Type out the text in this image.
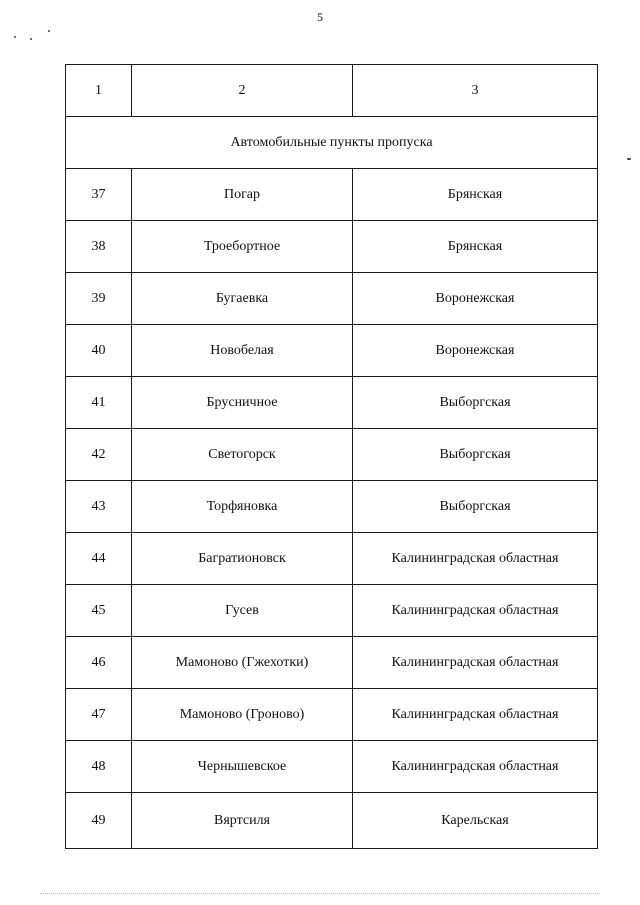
5
1	2	3
Автомобильные пункты пропуска		
37	Погар	Брянская
38	Троебортное	Брянская
39	Бугаевка	Воронежская
40	Новобелая	Воронежская
41	Брусничное	Выборгская
42	Светогорск	Выборгская
43	Торфяновка	Выборгская
44	Багратионовск	Калининградская областная
45	Гусев	Калининградская областная
46	Мамоново (Гжехотки)	Калининградская областная
47	Мамоново (Гроново)	Калининградская областная
48	Чернышевское	Калининградская областная
49	Вяртсиля	Карельская
